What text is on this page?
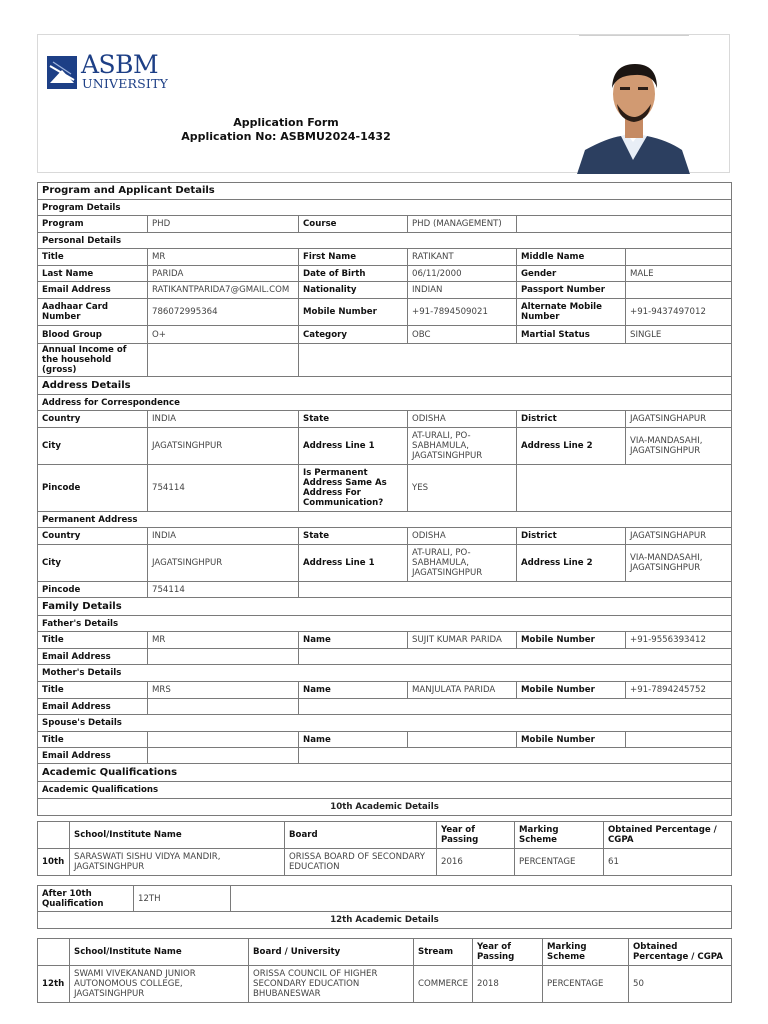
ASBM
UNIVERSITY
Application Form
Application No: ASBMU2024-1432
Program and Applicant Details					
Program Details					
Program	PHD	Course	PHD (MANAGEMENT)		
Personal Details					
Title	MR	First Name	RATIKANT	Middle Name	
Last Name	PARIDA	Date of Birth	06/11/2000	Gender	MALE
Email Address	RATIKANTPARIDA7@GMAIL.COM	Nationality	INDIAN	Passport Number	
Aadhaar Card Number	786072995364	Mobile Number	+91-7894509021	Alternate Mobile Number	+91-9437497012
Blood Group	O+	Category	OBC	Martial Status	SINGLE
Annual Income of the household (gross)					
Address Details					
Address for Correspondence					
Country	INDIA	State	ODISHA	District	JAGATSINGHAPUR
City	JAGATSINGHPUR	Address Line 1	AT-URALI, PO-SABHAMULA, JAGATSINGHPUR	Address Line 2	VIA-MANDASAHI, JAGATSINGHPUR
Pincode	754114	Is Permanent Address Same As Address For Communication?	YES		
Permanent Address					
Country	INDIA	State	ODISHA	District	JAGATSINGHAPUR
City	JAGATSINGHPUR	Address Line 1	AT-URALI, PO-SABHAMULA, JAGATSINGHPUR	Address Line 2	VIA-MANDASAHI, JAGATSINGHPUR
Pincode	754114				
Family Details					
Father's Details					
Title	MR	Name	SUJIT KUMAR PARIDA	Mobile Number	+91-9556393412
Email Address					
Mother's Details					
Title	MRS	Name	MANJULATA PARIDA	Mobile Number	+91-7894245752
Email Address					
Spouse's Details					
Title		Name		Mobile Number	
Email Address					
Academic Qualifications					
Academic Qualifications					
10th Academic Details					
	School/Institute Name	Board	Year of Passing	Marking Scheme	Obtained Percentage / CGPA
10th	SARASWATI SISHU VIDYA MANDIR, JAGATSINGHPUR	ORISSA BOARD OF SECONDARY EDUCATION	2016	PERCENTAGE	61
After 10th Qualification	12TH	
12th Academic Details
	School/Institute Name	Board / University	Stream	Year of Passing	Marking Scheme	Obtained Percentage / CGPA
12th	SWAMI VIVEKANAND JUNIOR AUTONOMOUS COLLEGE, JAGATSINGHPUR	ORISSA COUNCIL OF HIGHER SECONDARY EDUCATION BHUBANESWAR	COMMERCE	2018	PERCENTAGE	50
